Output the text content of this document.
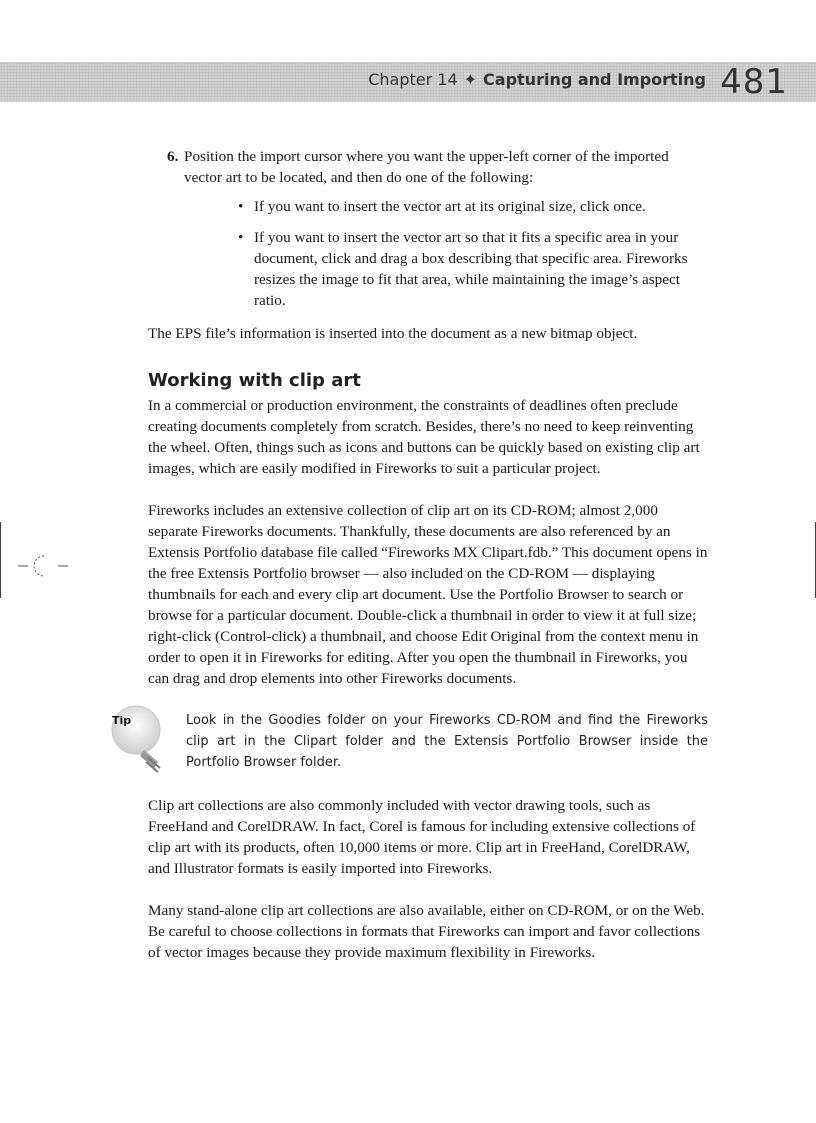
Chapter 14 ✦ Capturing and Importing 481
6. Position the import cursor where you want the upper-left corner of the imported vector art to be located, and then do one of the following:
• If you want to insert the vector art at its original size, click once.
• If you want to insert the vector art so that it fits a specific area in your document, click and drag a box describing that specific area. Fireworks resizes the image to fit that area, while maintaining the image’s aspect ratio.

The EPS file’s information is inserted into the document as a new bitmap object.

Working with clip art

In a commercial or production environment, the constraints of deadlines often preclude creating documents completely from scratch. Besides, there’s no need to keep reinventing the wheel. Often, things such as icons and buttons can be quickly based on existing clip art images, which are easily modified in Fireworks to suit a particular project.

Fireworks includes an extensive collection of clip art on its CD-ROM; almost 2,000 separate Fireworks documents. Thankfully, these documents are also referenced by an Extensis Portfolio database file called “Fireworks MX Clipart.fdb.” This document opens in the free Extensis Portfolio browser — also included on the CD-ROM — displaying thumbnails for each and every clip art document. Use the Portfolio Browser to search or browse for a particular document. Double-click a thumbnail in order to view it at full size; right-click (Control-click) a thumbnail, and choose Edit Original from the context menu in order to open it in Fireworks for editing. After you open the thumbnail in Fireworks, you can drag and drop elements into other Fireworks documents.

Tip	Look in the Goodies folder on your Fireworks CD-ROM and find the Fireworks clip art in the Clipart folder and the Extensis Portfolio Browser inside the Portfolio Browser folder.

Clip art collections are also commonly included with vector drawing tools, such as FreeHand and CorelDRAW. In fact, Corel is famous for including extensive collections of clip art with its products, often 10,000 items or more. Clip art in FreeHand, CorelDRAW, and Illustrator formats is easily imported into Fireworks.

Many stand-alone clip art collections are also available, either on CD-ROM, or on the Web. Be careful to choose collections in formats that Fireworks can import and favor collections of vector images because they provide maximum flexibility in Fireworks.
